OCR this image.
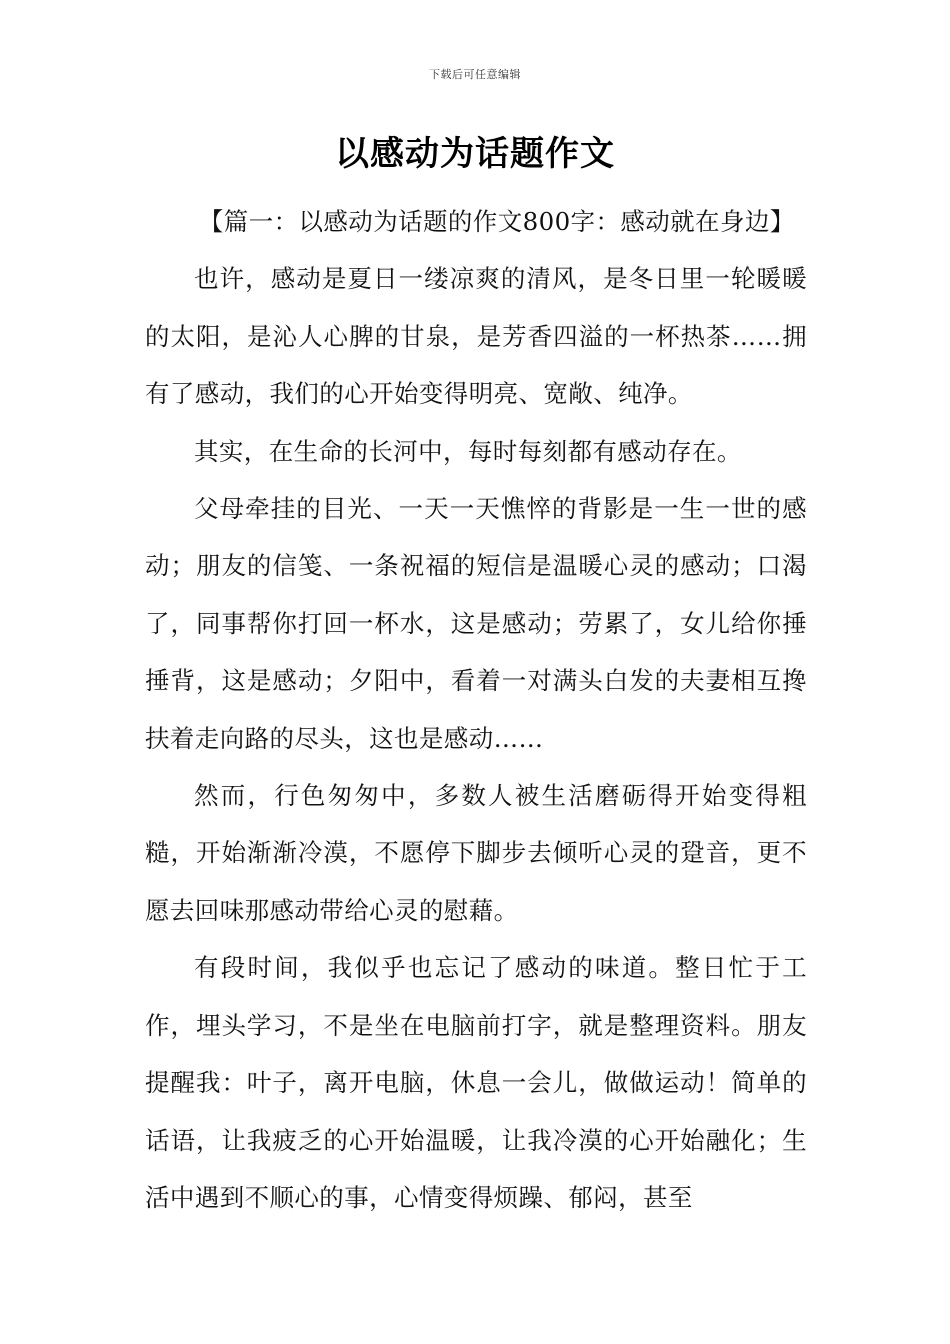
下载后可任意编辑
以感动为话题作文

【篇一：以感动为话题的作文800字：感动就在身边】

也许，感动是夏日一缕凉爽的清风，是冬日里一轮暖暖的太阳，是沁人心脾的甘泉，是芳香四溢的一杯热茶……拥有了感动，我们的心开始变得明亮、宽敞、纯净。

其实，在生命的长河中，每时每刻都有感动存在。

父母牵挂的目光、一天一天憔悴的背影是一生一世的感动；朋友的信笺、一条祝福的短信是温暖心灵的感动；口渴了，同事帮你打回一杯水，这是感动；劳累了，女儿给你捶捶背，这是感动；夕阳中，看着一对满头白发的夫妻相互搀扶着走向路的尽头，这也是感动……

然而，行色匆匆中，多数人被生活磨砺得开始变得粗糙，开始渐渐冷漠，不愿停下脚步去倾听心灵的跫音，更不愿去回味那感动带给心灵的慰藉。

有段时间，我似乎也忘记了感动的味道。整日忙于工作，埋头学习，不是坐在电脑前打字，就是整理资料。朋友提醒我：叶子，离开电脑，休息一会儿，做做运动！简单的话语，让我疲乏的心开始温暖，让我冷漠的心开始融化；生活中遇到不顺心的事，心情变得烦躁、郁闷，甚至
